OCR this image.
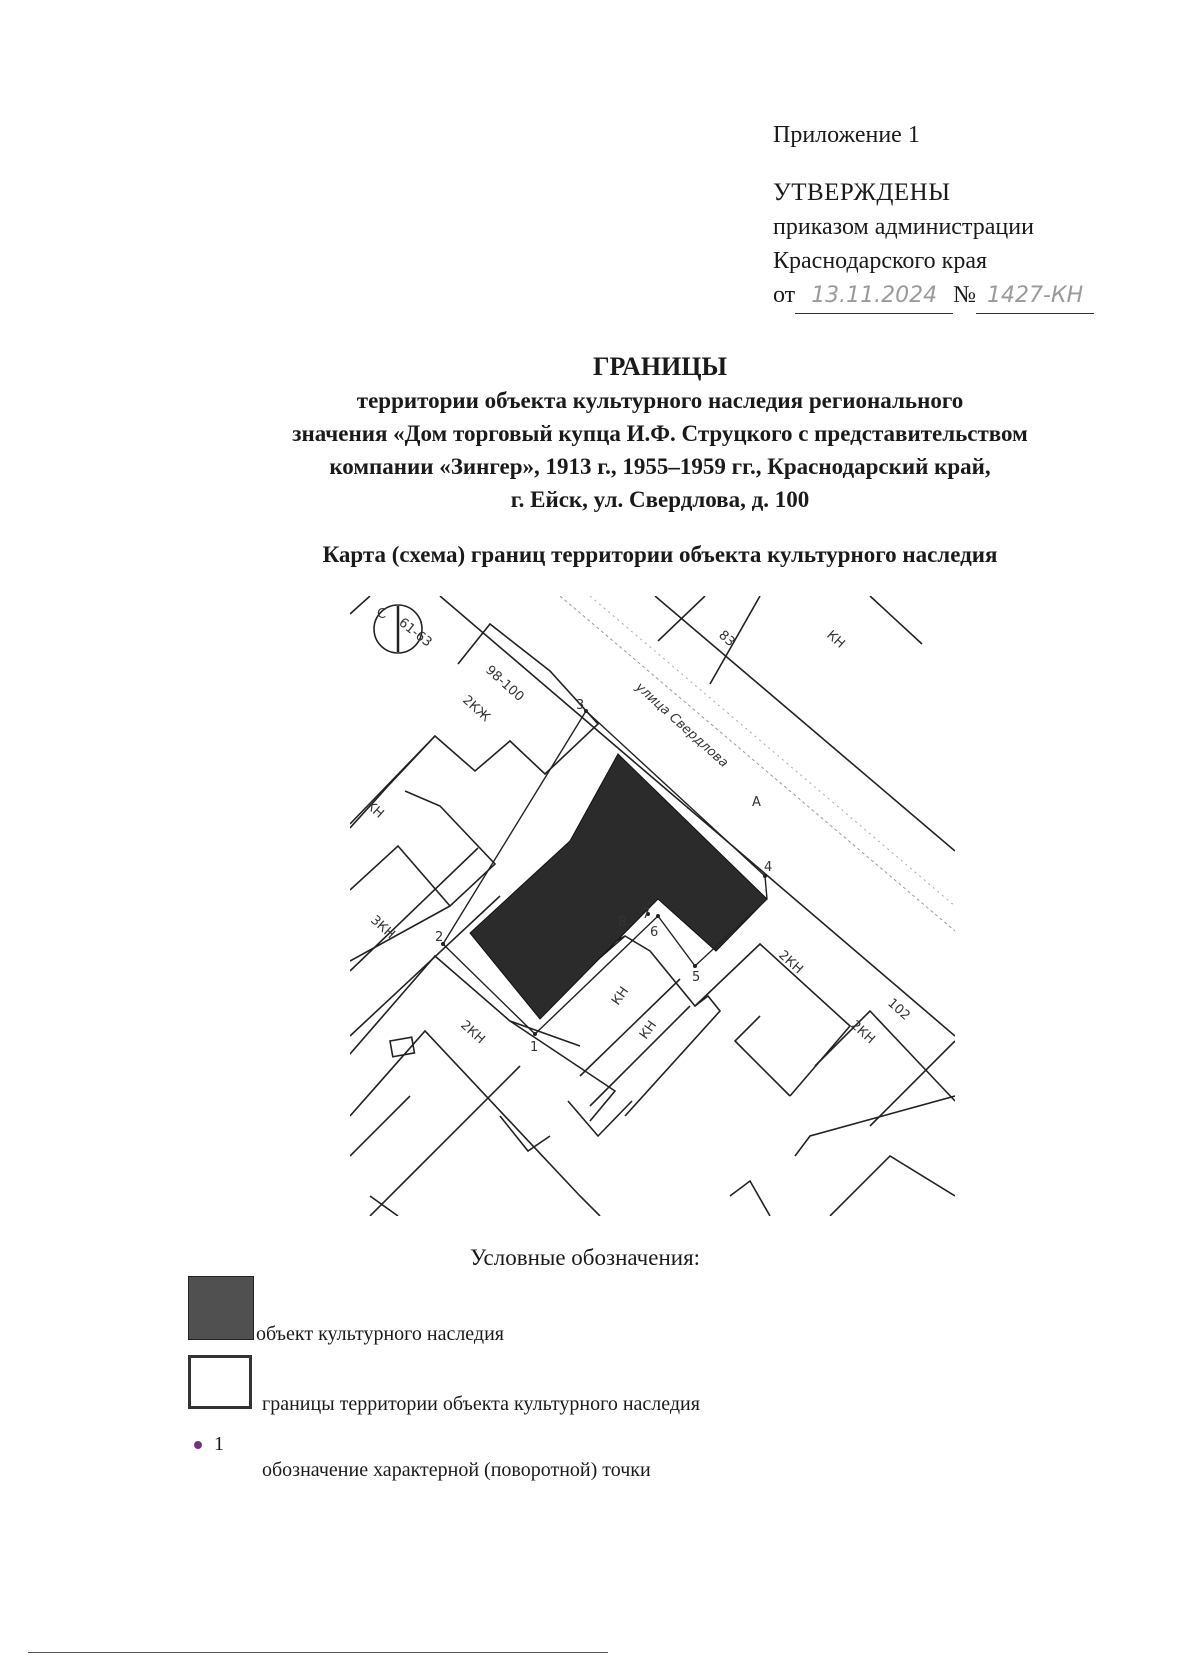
Приложение 1
УТВЕРЖДЕНЫ
приказом администрации
Краснодарского края
от 13.11.2024 № 1427-КН
ГРАНИЦЫ
территории объекта культурного наследия регионального
значения «Дом торговый купца И.Ф. Струцкого с представительством
компании «Зингер», 1913 г., 1955–1959 гг., Краснодарский край,
г. Ейск, ул. Свердлова, д. 100
Карта (схема) границ территории объекта культурного наследия
С
61-63
98-100
2КЖ
КН
3КН
2КН
2КН
2КН
КН
КН
КН
83
102
улица Свердлова
А
В
1
2
3
4
5
6
7
Условные обозначения:
объект культурного наследия
границы территории объекта культурного наследия
1
обозначение характерной (поворотной) точки
